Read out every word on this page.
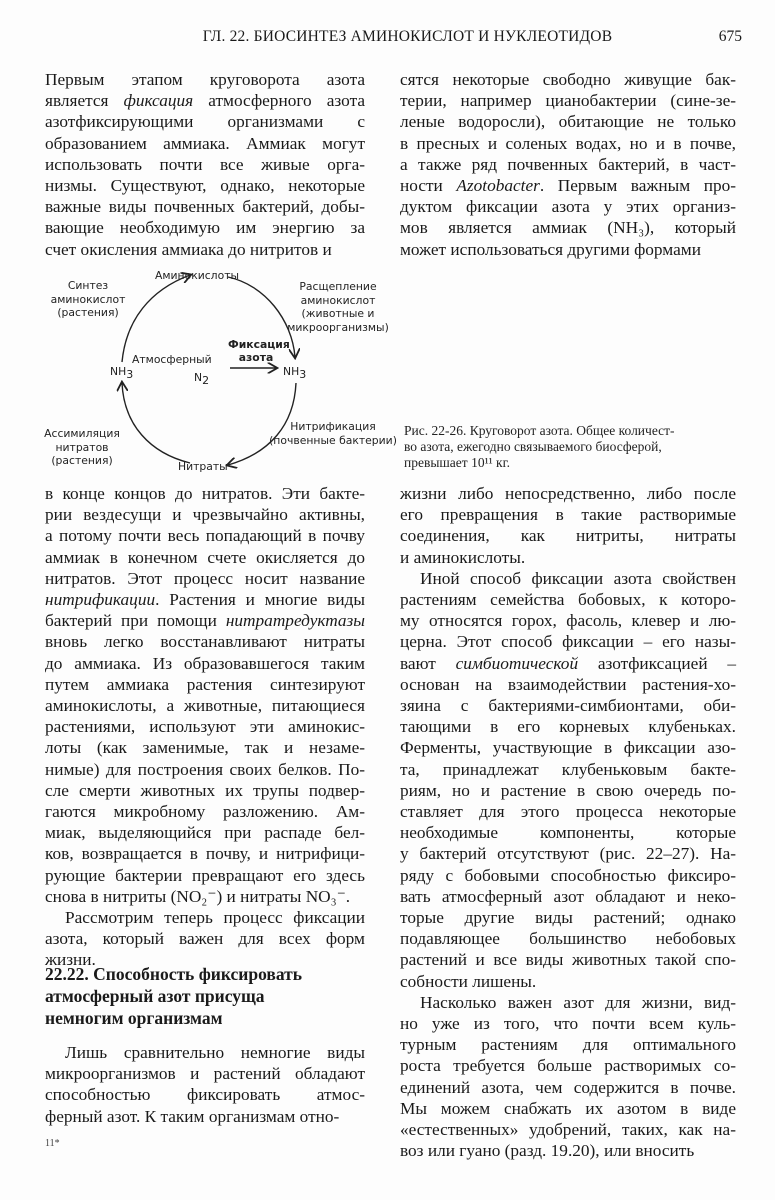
ГЛ. 22. БИОСИНТЕЗ АМИНОКИСЛОТ И НУКЛЕОТИДОВ	675
Первым этапом круговорота азота
является фиксация атмосферного азота
азотфиксирующими организмами с
образованием аммиака. Аммиак могут
использовать почти все живые орга-
низмы. Существуют, однако, некоторые
важные виды почвенных бактерий, добы-
вающие необходимую им энергию за
счет окисления аммиака до нитритов и
сятся некоторые свободно живущие бак-
терии, например цианобактерии (сине-зе-
леные водоросли), обитающие не только
в пресных и соленых водах, но и в почве,
а также ряд почвенных бактерий, в част-
ности Azotobacter. Первым важным про-
дуктом фиксации азота у этих организ-
мов является аммиак (NH₃), который
может использоваться другими формами
Аминокислоты
Синтез
аминокислот
(растения)
Расщепление
аминокислот
(животные и
микроорганизмы)
$NH_3$	$NH_3$
Атмосферный
$N_2$
Фиксация
азота
Ассимиляция
нитратов
(растения)
Нитрификация
(почвенные бактерии)
Нитраты
Рис. 22-26. Круговорот азота. Общее количест-
во азота, ежегодно связываемого биосферой,
превышает 10¹¹ кг.
в конце концов до нитратов. Эти бакте-
рии вездесущи и чрезвычайно активны,
а потому почти весь попадающий в почву
аммиак в конечном счете окисляется до
нитратов. Этот процесс носит название
нитрификации. Растения и многие виды
бактерий при помощи нитратредуктазы
вновь легко восстанавливают нитраты
до аммиака. Из образовавшегося таким
путем аммиака растения синтезируют
аминокислоты, а животные, питающиеся
растениями, используют эти аминокис-
лоты (как заменимые, так и незаме-
нимые) для построения своих белков. По-
сле смерти животных их трупы подвер-
гаются микробному разложению. Ам-
миак, выделяющийся при распаде бел-
ков, возвращается в почву, и нитрифици-
рующие бактерии превращают его здесь
снова в нитриты (NO₂⁻) и нитраты NO₃⁻.
Рассмотрим теперь процесс фиксации
азота, который важен для всех форм
жизни.
22.22. Способность фиксировать
атмосферный азот присуща
немногим организмам
Лишь сравнительно немногие виды
микроорганизмов и растений обладают
способностью фиксировать атмос-
ферный азот. К таким организмам отно-
жизни либо непосредственно, либо после
его превращения в такие растворимые
соединения, как нитриты, нитраты
и аминокислоты.
Иной способ фиксации азота свойствен
растениям семейства бобовых, к которо-
му относятся горох, фасоль, клевер и лю-
церна. Этот способ фиксации – его назы-
вают симбиотической азотфиксацией –
основан на взаимодействии растения-хо-
зяина с бактериями-симбионтами, оби-
тающими в его корневых клубеньках.
Ферменты, участвующие в фиксации азо-
та, принадлежат клубеньковым бакте-
риям, но и растение в свою очередь по-
ставляет для этого процесса некоторые
необходимые компоненты, которые
у бактерий отсутствуют (рис. 22–27). На-
ряду с бобовыми способностью фиксиро-
вать атмосферный азот обладают и неко-
торые другие виды растений; однако
подавляющее большинство небобовых
растений и все виды животных такой спо-
собности лишены.
Насколько важен азот для жизни, вид-
но уже из того, что почти всем куль-
турным растениям для оптимального
роста требуется больше растворимых со-
единений азота, чем содержится в почве.
Мы можем снабжать их азотом в виде
«естественных» удобрений, таких, как на-
воз или гуано (разд. 19.20), или вносить
11*
